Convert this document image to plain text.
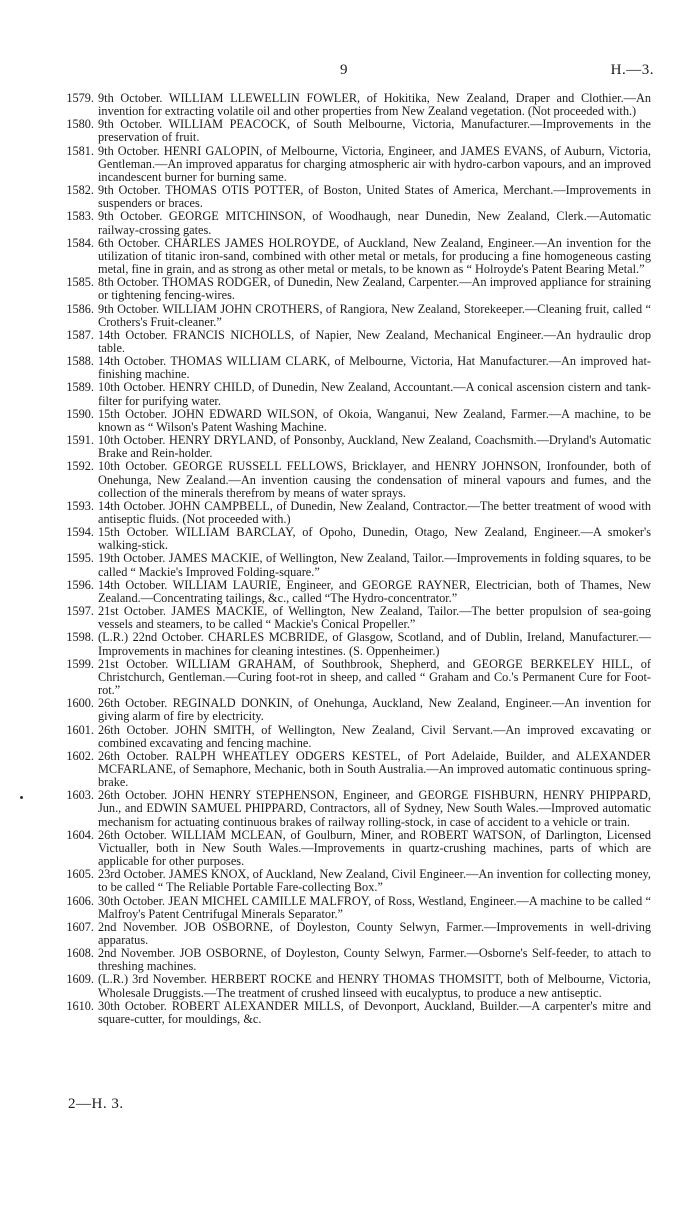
9	H.—3.

1579. 9th October. WILLIAM LLEWELLIN FOWLER, of Hokitika, New Zealand, Draper and Clothier.—An invention for extracting volatile oil and other properties from New Zealand vegetation. (Not proceeded with.)

1580. 9th October. WILLIAM PEACOCK, of South Melbourne, Victoria, Manufacturer.—Improvements in the preservation of fruit.

1581. 9th October. HENRI GALOPIN, of Melbourne, Victoria, Engineer, and JAMES EVANS, of Auburn, Victoria, Gentleman.—An improved apparatus for charging atmospheric air with hydro-carbon vapours, and an improved incandescent burner for burning same.

1582. 9th October. THOMAS OTIS POTTER, of Boston, United States of America, Merchant.—Improvements in suspenders or braces.

1583. 9th October. GEORGE MITCHINSON, of Woodhaugh, near Dunedin, New Zealand, Clerk.—Automatic railway-crossing gates.

1584. 6th October. CHARLES JAMES HOLROYDE, of Auckland, New Zealand, Engineer.—An invention for the utilization of titanic iron-sand, combined with other metal or metals, for producing a fine homogeneous casting metal, fine in grain, and as strong as other metal or metals, to be known as “ Holroyde's Patent Bearing Metal.”

1585. 8th October. THOMAS RODGER, of Dunedin, New Zealand, Carpenter.—An improved appliance for straining or tightening fencing-wires.

1586. 9th October. WILLIAM JOHN CROTHERS, of Rangiora, New Zealand, Storekeeper.—Cleaning fruit, called “ Crothers's Fruit-cleaner.”

1587. 14th October. FRANCIS NICHOLLS, of Napier, New Zealand, Mechanical Engineer.—An hydraulic drop table.

1588. 14th October. THOMAS WILLIAM CLARK, of Melbourne, Victoria, Hat Manufacturer.—An improved hat-finishing machine.

1589. 10th October. HENRY CHILD, of Dunedin, New Zealand, Accountant.—A conical ascension cistern and tank-filter for purifying water.

1590. 15th October. JOHN EDWARD WILSON, of Okoia, Wanganui, New Zealand, Farmer.—A machine, to be known as “ Wilson's Patent Washing Machine.

1591. 10th October. HENRY DRYLAND, of Ponsonby, Auckland, New Zealand, Coachsmith.—Dryland's Automatic Brake and Rein-holder.

1592. 10th October. GEORGE RUSSELL FELLOWS, Bricklayer, and HENRY JOHNSON, Ironfounder, both of Onehunga, New Zealand.—An invention causing the condensation of mineral vapours and fumes, and the collection of the minerals therefrom by means of water sprays.

1593. 14th October. JOHN CAMPBELL, of Dunedin, New Zealand, Contractor.—The better treatment of wood with antiseptic fluids. (Not proceeded with.)

1594. 15th October. WILLIAM BARCLAY, of Opoho, Dunedin, Otago, New Zealand, Engineer.—A smoker's walking-stick.

1595. 19th October. JAMES MACKIE, of Wellington, New Zealand, Tailor.—Improvements in folding squares, to be called “ Mackie's Improved Folding-square.”

1596. 14th October. WILLIAM LAURIE, Engineer, and GEORGE RAYNER, Electrician, both of Thames, New Zealand.—Concentrating tailings, &c., called “The Hydro-concentrator.”

1597. 21st October. JAMES MACKIE, of Wellington, New Zealand, Tailor.—The better propulsion of sea-going vessels and steamers, to be called “ Mackie's Conical Propeller.”

1598. (L.R.) 22nd October. CHARLES MCBRIDE, of Glasgow, Scotland, and of Dublin, Ireland, Manufacturer.—Improvements in machines for cleaning intestines. (S. Oppenheimer.)

1599. 21st October. WILLIAM GRAHAM, of Southbrook, Shepherd, and GEORGE BERKELEY HILL, of Christchurch, Gentleman.—Curing foot-rot in sheep, and called “ Graham and Co.'s Permanent Cure for Foot-rot.”

1600. 26th October. REGINALD DONKIN, of Onehunga, Auckland, New Zealand, Engineer.—An invention for giving alarm of fire by electricity.

1601. 26th October. JOHN SMITH, of Wellington, New Zealand, Civil Servant.—An improved excavating or combined excavating and fencing machine.

1602. 26th October. RALPH WHEATLEY ODGERS KESTEL, of Port Adelaide, Builder, and ALEXANDER MCFARLANE, of Semaphore, Mechanic, both in South Australia.—An improved automatic continuous spring-brake.

1603. 26th October. JOHN HENRY STEPHENSON, Engineer, and GEORGE FISHBURN, HENRY PHIPPARD, Jun., and EDWIN SAMUEL PHIPPARD, Contractors, all of Sydney, New South Wales.—Improved automatic mechanism for actuating continuous brakes of railway rolling-stock, in case of accident to a vehicle or train.

1604. 26th October. WILLIAM MCLEAN, of Goulburn, Miner, and ROBERT WATSON, of Darlington, Licensed Victualler, both in New South Wales.—Improvements in quartz-crushing machines, parts of which are applicable for other purposes.

1605. 23rd October. JAMES KNOX, of Auckland, New Zealand, Civil Engineer.—An invention for collecting money, to be called “ The Reliable Portable Fare-collecting Box.”

1606. 30th October. JEAN MICHEL CAMILLE MALFROY, of Ross, Westland, Engineer.—A machine to be called “ Malfroy's Patent Centrifugal Minerals Separator.”

1607. 2nd November. JOB OSBORNE, of Doyleston, County Selwyn, Farmer.—Improvements in well-driving apparatus.

1608. 2nd November. JOB OSBORNE, of Doyleston, County Selwyn, Farmer.—Osborne's Self-feeder, to attach to threshing machines.

1609. (L.R.) 3rd November. HERBERT ROCKE and HENRY THOMAS THOMSITT, both of Melbourne, Victoria, Wholesale Druggists.—The treatment of crushed linseed with eucalyptus, to produce a new antiseptic.

1610. 30th October. ROBERT ALEXANDER MILLS, of Devonport, Auckland, Builder.—A carpenter's mitre and square-cutter, for mouldings, &c.

2—H. 3.
